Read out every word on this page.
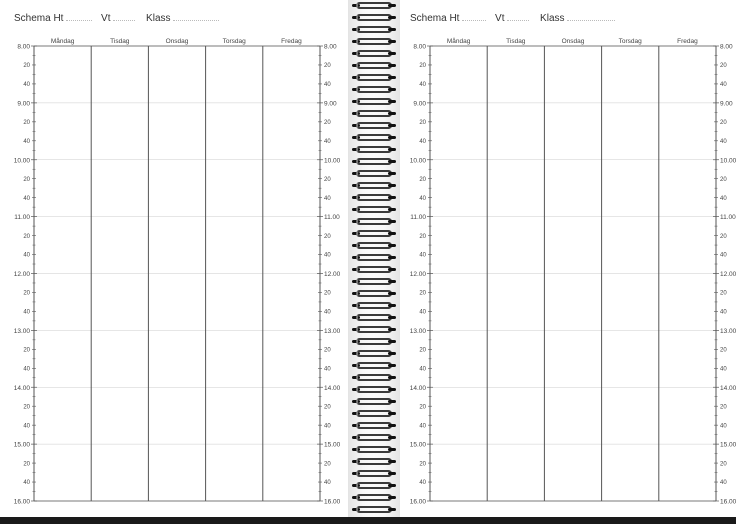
Schema Ht	Vt	Klass
Måndag	Tisdag	Onsdag	Torsdag	Fredag
8.00
20
40
9.00
20
40
10.00
20
40
11.00
20
40
12.00
20
40
13.00
20
40
14.00
20
40
15.00
20
40
16.00
8.00
20
40
9.00
20
40
10.00
20
40
11.00
20
40
12.00
20
40
13.00
20
40
14.00
20
40
15.00
20
40
16.00
Schema Ht	Vt	Klass
Måndag	Tisdag	Onsdag	Torsdag	Fredag
8.00
20
40
9.00
20
40
10.00
20
40
11.00
20
40
12.00
20
40
13.00
20
40
14.00
20
40
15.00
20
40
16.00
8.00
20
40
9.00
20
40
10.00
20
40
11.00
20
40
12.00
20
40
13.00
20
40
14.00
20
40
15.00
20
40
16.00
